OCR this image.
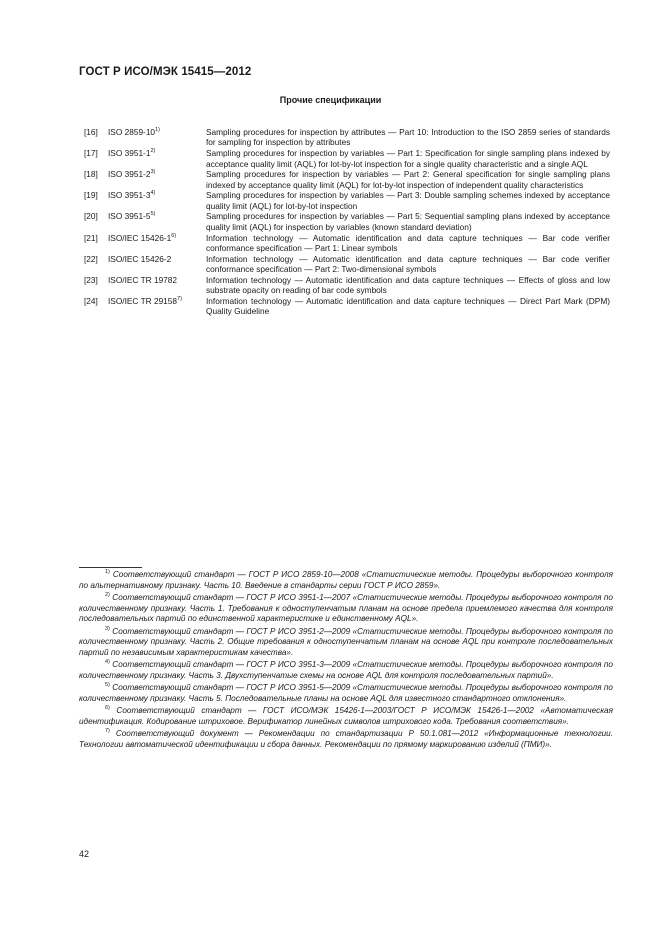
ГОСТ Р ИСО/МЭК 15415—2012
Прочие спецификации
[16]	ISO 2859-10$^{1)}$	Sampling procedures for inspection by attributes — Part 10: Introduction to the ISO 2859 series of standards for sampling for inspection by attributes
[17]	ISO 3951-1$^{2)}$	Sampling procedures for inspection by variables — Part 1: Specification for single sampling plans indexed by acceptance quality limit (AQL) for lot-by-lot inspection for a single quality characteristic and a single AQL
[18]	ISO 3951-2$^{3)}$	Sampling procedures for inspection by variables — Part 2: General specification for single sampling plans indexed by acceptance quality limit (AQL) for lot-by-lot inspection of independent quality characteristics
[19]	ISO 3951-3$^{4)}$	Sampling procedures for inspection by variables — Part 3: Double sampling schemes indexed by acceptance quality limit (AQL) for lot-by-lot inspection
[20]	ISO 3951-5$^{5)}$	Sampling procedures for inspection by variables — Part 5: Sequential sampling plans indexed by acceptance quality limit (AQL) for inspection by variables (known standard deviation)
[21]	ISO/IEC 15426-1$^{6)}$	Information technology — Automatic identification and data capture techniques — Bar code verifier conformance specification — Part 1: Linear symbols
[22]	ISO/IEC 15426-2	Information technology — Automatic identification and data capture techniques — Bar code verifier conformance specification — Part 2: Two-dimensional symbols
[23]	ISO/IEC TR 19782	Information technology — Automatic identification and data capture techniques — Effects of gloss and low substrate opacity on reading of bar code symbols
[24]	ISO/IEC TR 29158$^{7)}$	Information technology — Automatic identification and data capture techniques — Direct Part Mark (DPM) Quality Guideline

$^{1)}$ Соответствующий стандарт — ГОСТ Р ИСО 2859-10—2008 «Статистические методы. Процедуры выборочного контроля по альтернативному признаку. Часть 10. Введение в стандарты серии ГОСТ Р ИСО 2859».

$^{2)}$ Соответствующий стандарт — ГОСТ Р ИСО 3951-1—2007 «Статистические методы. Процедуры выборочного контроля по количественному признаку. Часть 1. Требования к одноступенчатым планам на основе предела приемлемого качества для контроля последовательных партий по единственной характеристике и единственному AQL».

$^{3)}$ Соответствующий стандарт — ГОСТ Р ИСО 3951-2—2009 «Статистические методы. Процедуры выборочного контроля по количественному признаку. Часть 2. Общие требования к одноступенчатым планам на основе AQL при контроле последовательных партий по независимым характеристикам качества».

$^{4)}$ Соответствующий стандарт — ГОСТ Р ИСО 3951-3—2009 «Статистические методы. Процедуры выборочного контроля по количественному признаку. Часть 3. Двухступенчатые схемы на основе AQL для контроля последовательных партий».

$^{5)}$ Соответствующий стандарт — ГОСТ Р ИСО 3951-5—2009 «Статистические методы. Процедуры выборочного контроля по количественному признаку. Часть 5. Последовательные планы на основе AQL для известного стандартного отклонения».

$^{6)}$ Соответствующий стандарт — ГОСТ ИСО/МЭК 15426-1—2003/ГОСТ Р ИСО/МЭК 15426-1—2002 «Автоматическая идентификация. Кодирование штриховое. Верификатор линейных символов штрихового кода. Требования соответствия».

$^{7)}$ Соответствующий документ — Рекомендации по стандартизации Р 50.1.081—2012 «Информационные технологии. Технологии автоматической идентификации и сбора данных. Рекомендации по прямому маркированию изделий (ПМИ)».

42
